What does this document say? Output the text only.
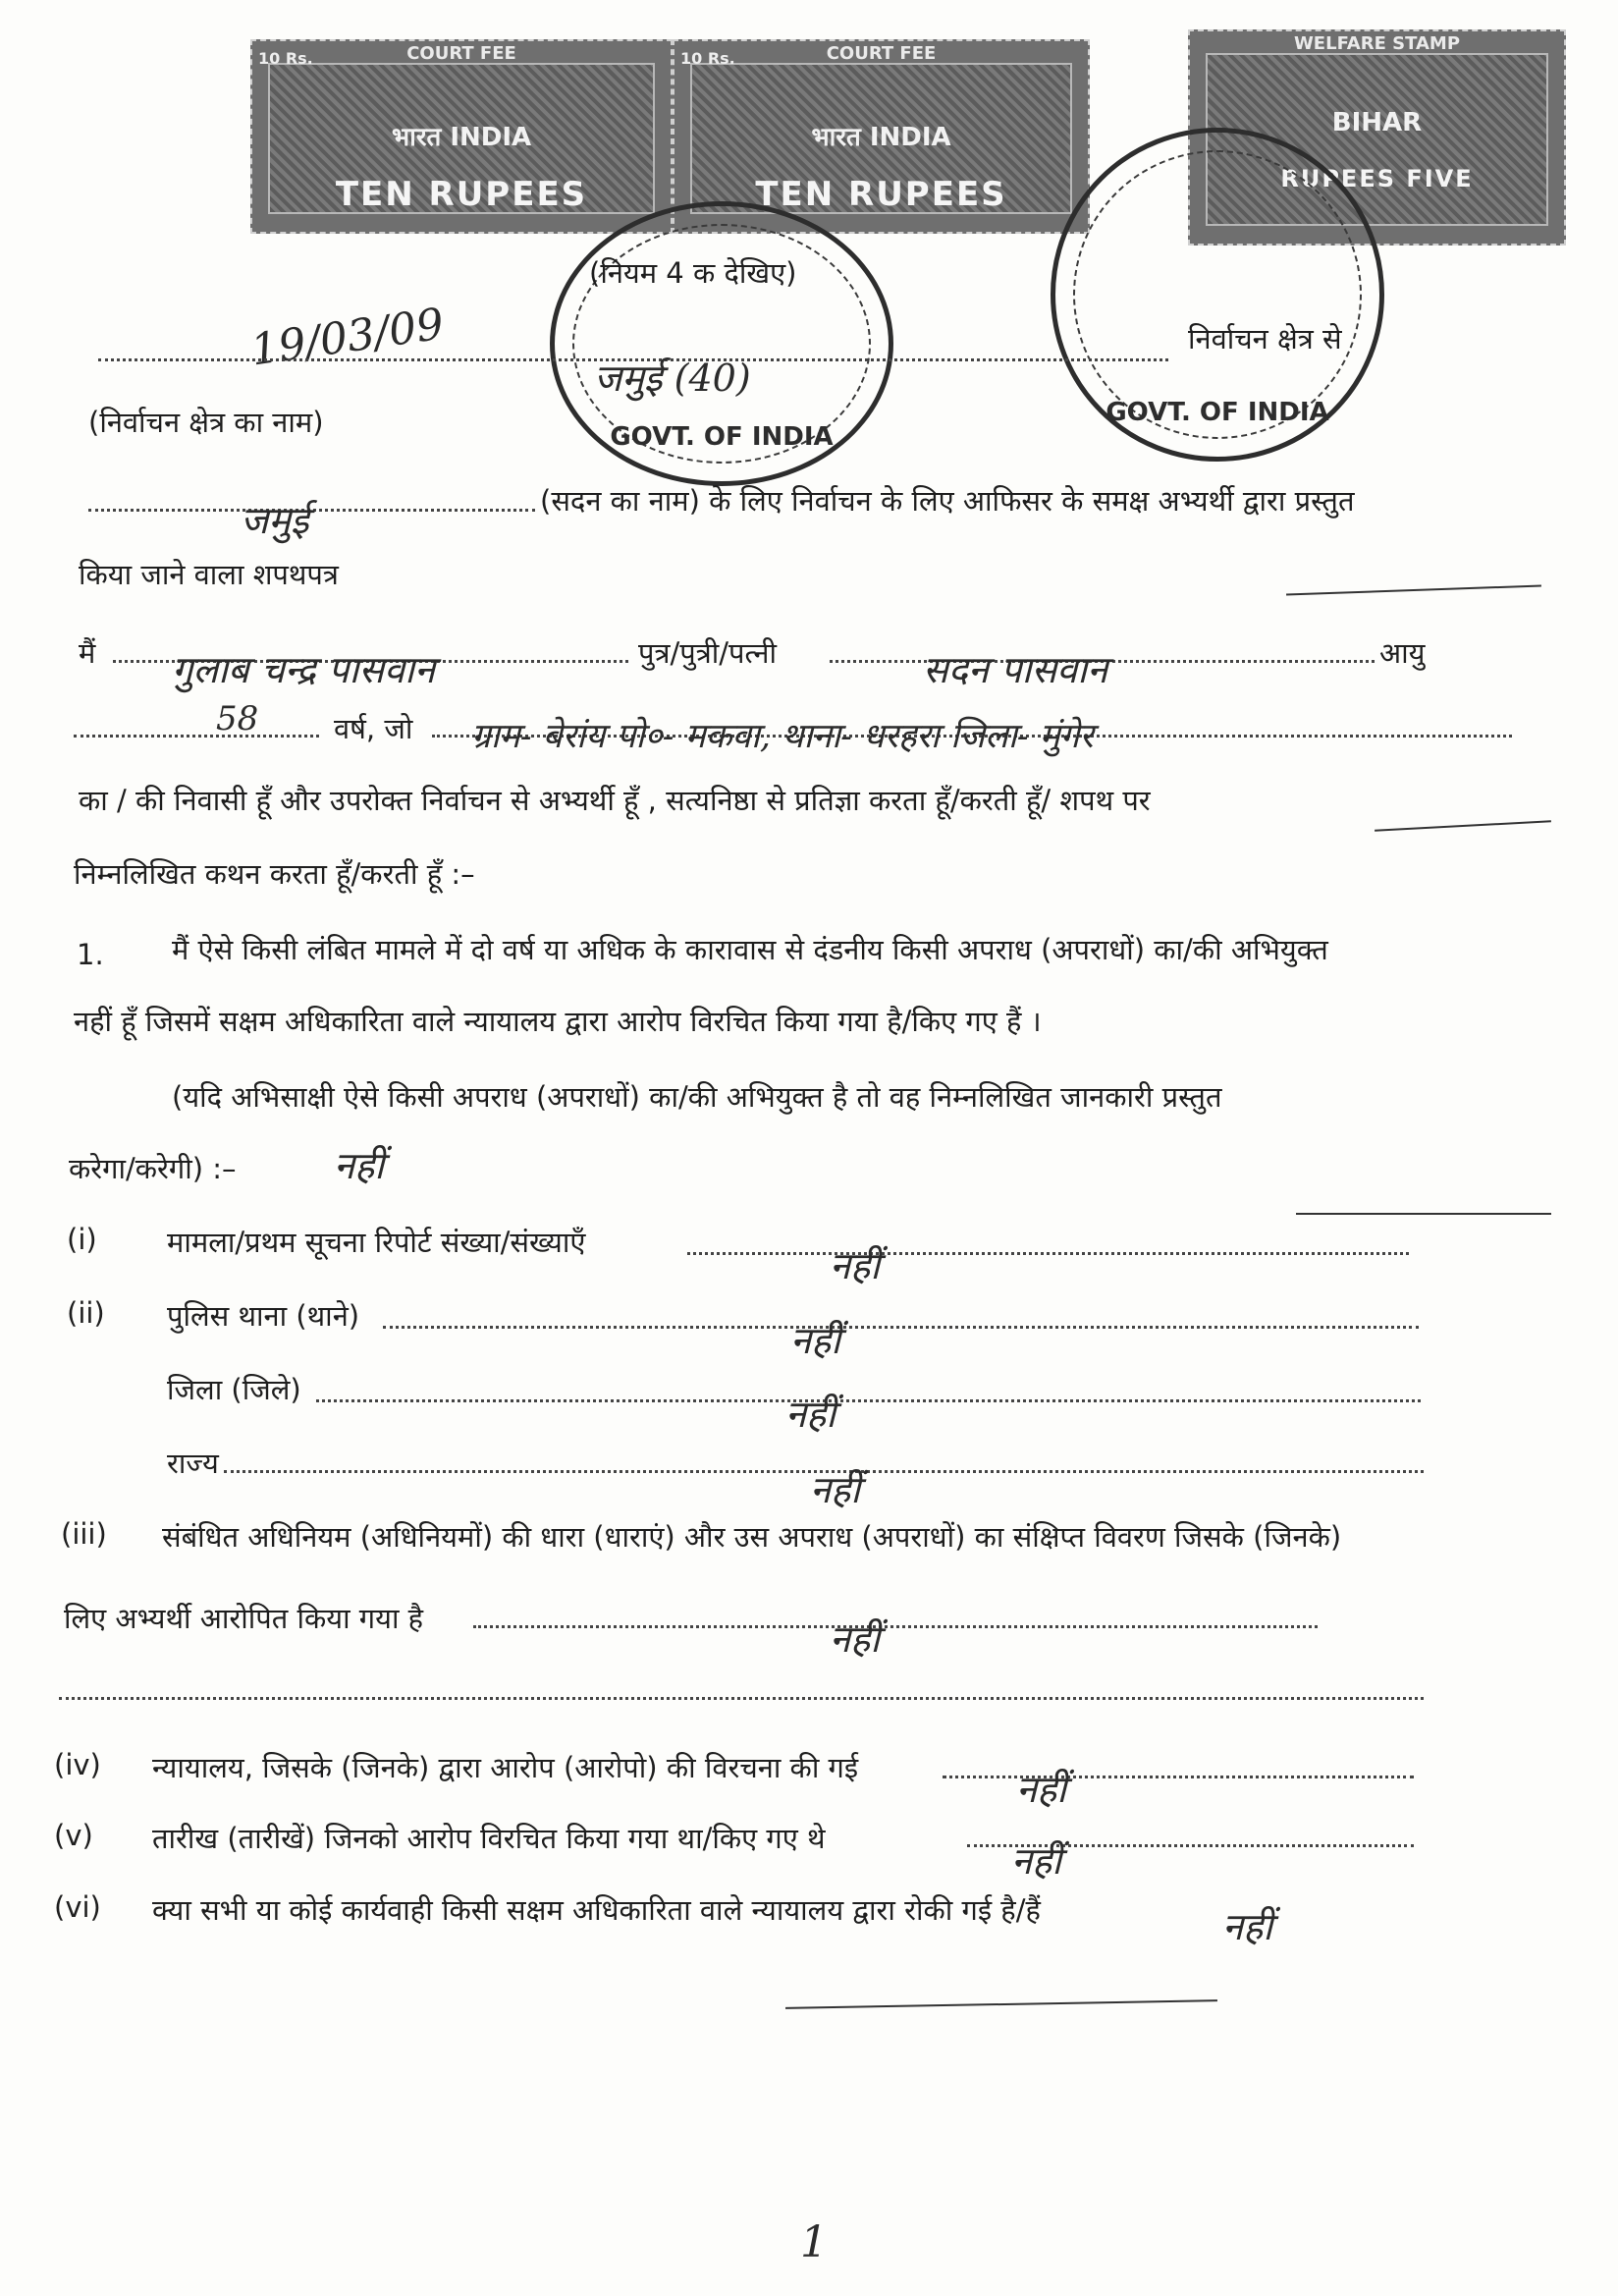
COURT FEE
10 Rs.
भारत INDIA
TEN RUPEES
COURT FEE
10 Rs.
भारत INDIA
TEN RUPEES
WELFARE STAMP
BIHAR
RUPEES FIVE
GOVT. OF INDIA
GOVT. OF INDIA
(नियम 4 क देखिए)
19/03/09
जमुई (40)
निर्वाचन क्षेत्र से
(निर्वाचन क्षेत्र का नाम)
जमुई	(सदन का नाम) के लिए निर्वाचन के लिए आफिसर के समक्ष अभ्यर्थी द्वारा प्रस्तुत
किया जाने वाला शपथपत्र
मैं गुलाब चन्द्र पासवान	पुत्र/पुत्री/पत्नी	सदन पासवान	आयु
58	वर्ष, जो ग्राम- बेरांय पो०- मकवा, थाना- धरहरा जिला- मुंगेर
का / की निवासी हूँ और उपरोक्त निर्वाचन से अभ्यर्थी हूँ , सत्यनिष्ठा से प्रतिज्ञा करता हूँ/करती हूँ/ शपथ पर
निम्नलिखित कथन करता हूँ/करती हूँ :–
1. मैं ऐसे किसी लंबित मामले में दो वर्ष या अधिक के कारावास से दंडनीय किसी अपराध (अपराधों) का/की अभियुक्त
नहीं हूँ जिसमें सक्षम अधिकारिता वाले न्यायालय द्वारा आरोप विरचित किया गया है/किए गए हैं ।
(यदि अभिसाक्षी ऐसे किसी अपराध (अपराधों) का/की अभियुक्त है तो वह निम्नलिखित जानकारी प्रस्तुत
करेगा/करेगी) :–	नहीं
(i) मामला/प्रथम सूचना रिपोर्ट संख्या/संख्याएँ
नहीं
(ii) पुलिस थाना (थाने)
नहीं
जिला (जिले)
नहीं
राज्य
नहीं
(iii) संबंधित अधिनियम (अधिनियमों) की धारा (धाराएं) और उस अपराध (अपराधों) का संक्षिप्त विवरण जिसके (जिनके)
लिए अभ्यर्थी आरोपित किया गया है	नहीं
(iv) न्यायालय, जिसके (जिनके) द्वारा आरोप (आरोपो) की विरचना की गई	नहीं
(v) तारीख (तारीखें) जिनको आरोप विरचित किया गया था/किए गए थे
नहीं
(vi) क्या सभी या कोई कार्यवाही किसी सक्षम अधिकारिता वाले न्यायालय द्वारा रोकी गई है/हैं	नहीं
1
